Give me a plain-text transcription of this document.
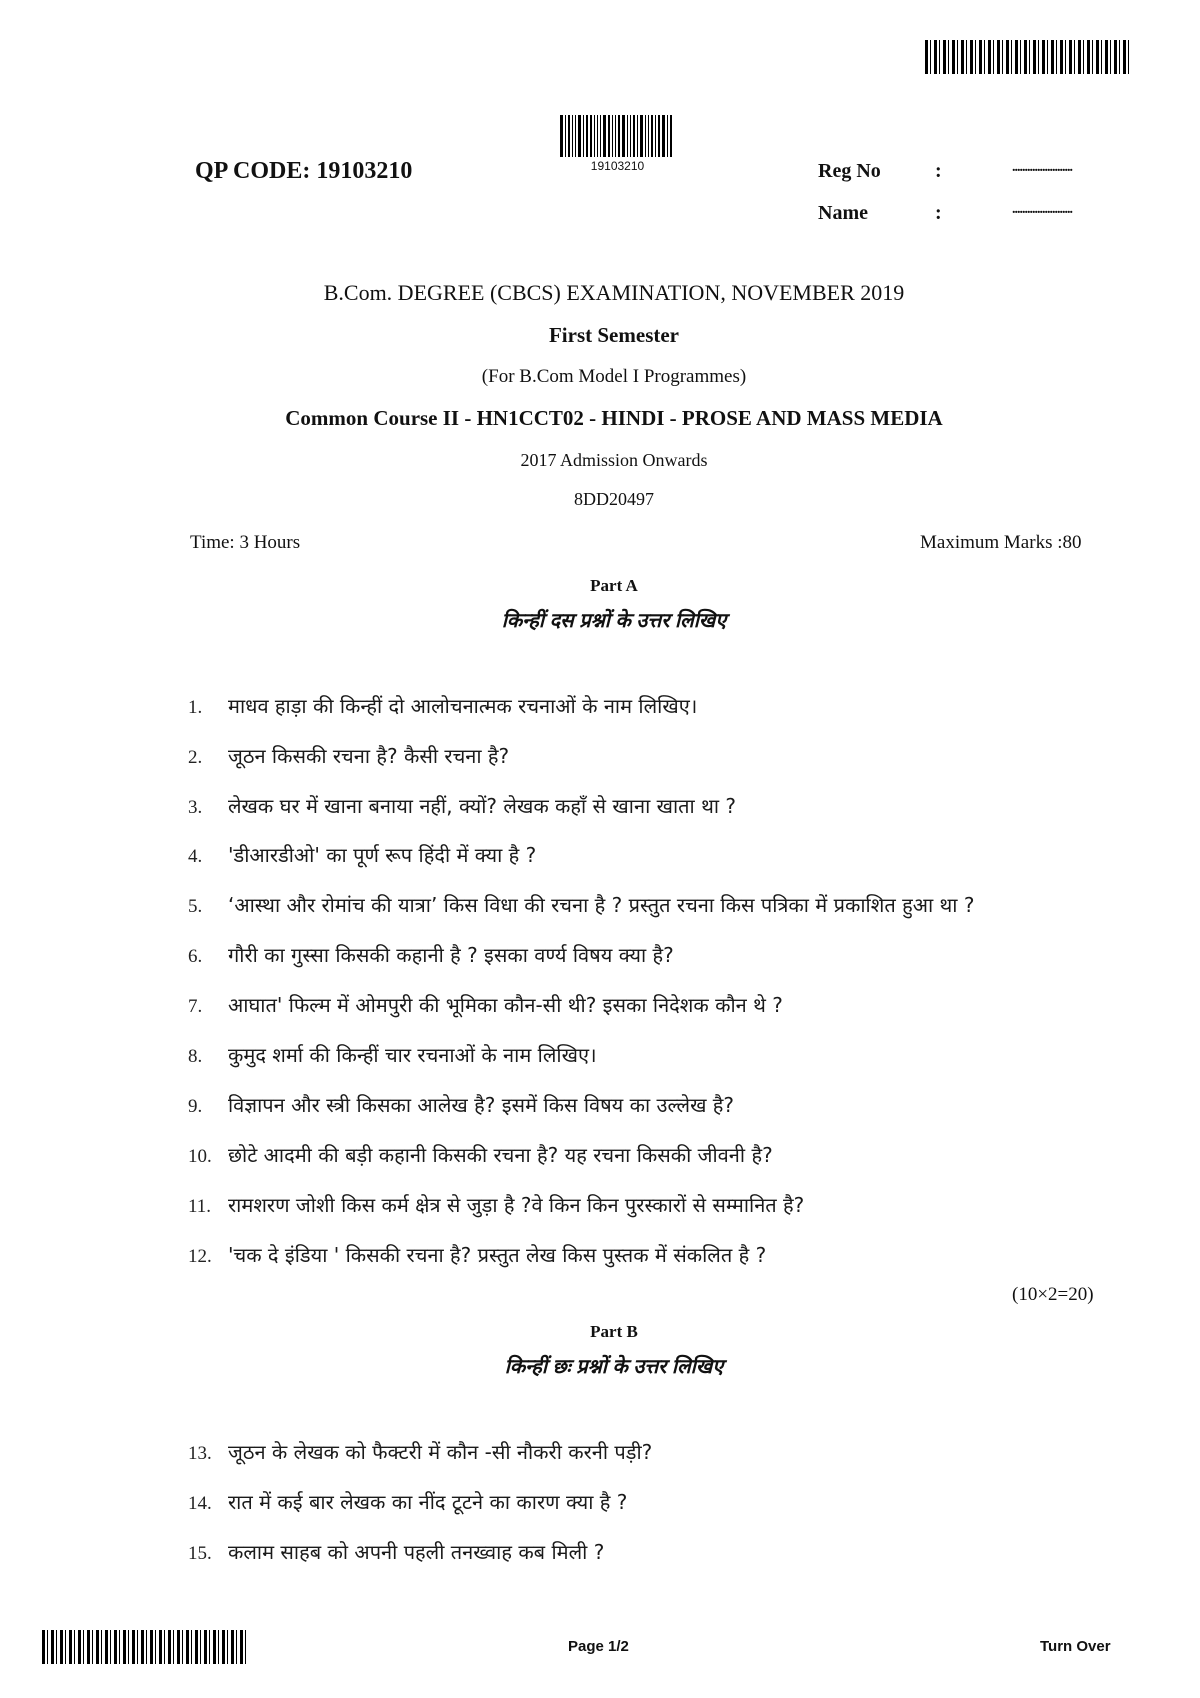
19103210
QP CODE: 19103210	Reg No	:	........................
Name	:	........................
B.Com. DEGREE (CBCS) EXAMINATION, NOVEMBER 2019
First Semester
(For B.Com Model I Programmes)
Common Course II - HN1CCT02 - HINDI - PROSE AND MASS MEDIA
2017 Admission Onwards
8DD20497
Time: 3 Hours	Maximum Marks :80
Part A
किन्हीं दस प्रश्नों के उत्तर लिखिए
1.	माधव हाड़ा की किन्हीं दो आलोचनात्मक रचनाओं के नाम लिखिए।
2.	जूठन किसकी रचना है? कैसी रचना है?
3.	लेखक घर में खाना बनाया नहीं, क्यों? लेखक कहाँ से खाना खाता था ?
4.	'डीआरडीओ' का पूर्ण रूप हिंदी में क्या है ?
5.	‘आस्था और रोमांच की यात्रा’ किस विधा की रचना है ? प्रस्तुत रचना किस पत्रिका में प्रकाशित हुआ था ?
6.	गौरी का गुस्सा किसकी कहानी है ? इसका वर्ण्य विषय क्या है?
7.	आघात' फिल्म में ओमपुरी की भूमिका कौन-सी थी? इसका निदेशक कौन थे ?
8.	कुमुद शर्मा की किन्हीं चार रचनाओं के नाम लिखिए।
9.	विज्ञापन और स्त्री किसका आलेख है? इसमें किस विषय का उल्लेख है?
10. छोटे आदमी की बड़ी कहानी किसकी रचना है? यह रचना किसकी जीवनी है?
11. रामशरण जोशी किस कर्म क्षेत्र से जुड़ा है ?वे किन किन पुरस्कारों से सम्मानित है?
12. 'चक दे इंडिया ' किसकी रचना है? प्रस्तुत लेख किस पुस्तक में संकलित है ?
(10×2=20)
Part B
किन्हीं छः प्रश्नों के उत्तर लिखिए
13. जूठन के लेखक को फैक्टरी में कौन -सी नौकरी करनी पड़ी?
14. रात में कई बार लेखक का नींद टूटने का कारण क्या है ?
15. कलाम साहब को अपनी पहली तनख्वाह कब मिली ?
Page 1/2	Turn Over
